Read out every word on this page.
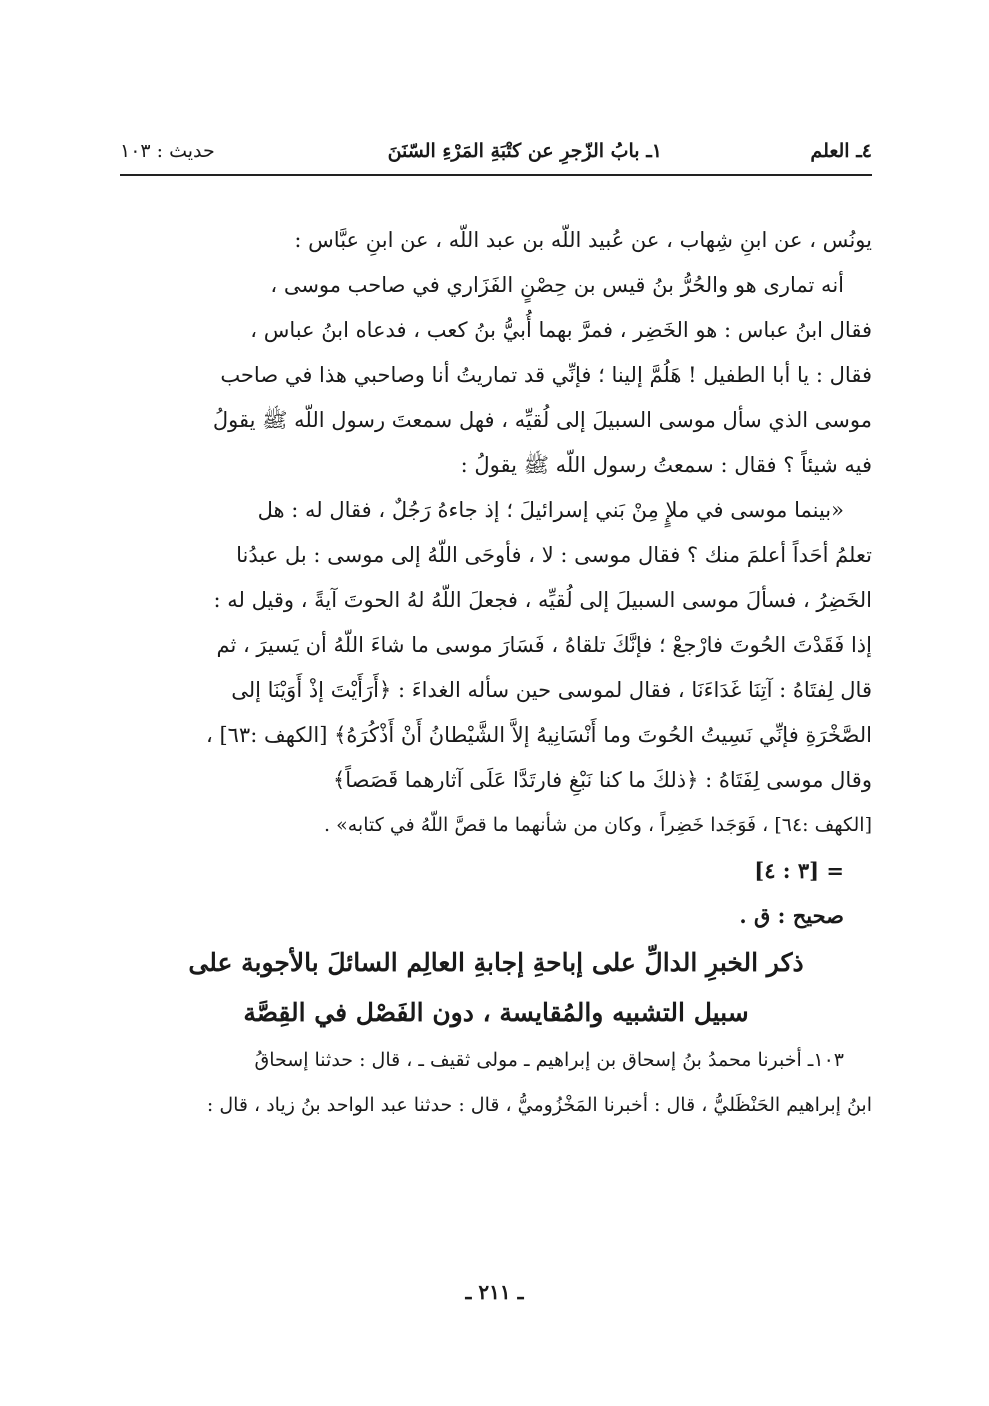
٤ـ العلم
١ـ بابُ الزّجرِ عن كتْبَةِ المَرْءِ السّنَنَ
حديث : ١٠٣
يونُس ، عن ابنِ شِهاب ، عن عُبيد اللّه بن عبد اللّه ، عن ابنِ عبَّاس :
أنه تمارى هو والحُرُّ بنُ قيس بن حِصْنٍ الفَزَاري في صاحب موسى ،
فقال ابنُ عباس : هو الخَضِر ، فمرَّ بهما أُبيُّ بنُ كعب ، فدعاه ابنُ عباس ،
فقال : يا أبا الطفيل ! هَلُمَّ إلينا ؛ فإنِّي قد تماريتُ أنا وصاحبي هذا في صاحب
موسى الذي سأل موسى السبيلَ إلى لُقيِّه ، فهل سمعتَ رسول اللّه ﷺ يقولُ
فيه شيئاً ؟ فقال : سمعتُ رسول اللّه ﷺ يقولُ :
«بينما موسى في ملإٍ مِنْ بَني إسرائيلَ ؛ إذ جاءهُ رَجُلٌ ، فقال له : هل
تعلمُ أحَداً أعلمَ منك ؟ فقال موسى : لا ، فأوحَى اللّهُ إلى موسى : بل عبدُنا
الخَضِرُ ، فسألَ موسى السبيلَ إلى لُقيِّه ، فجعلَ اللّهُ لهُ الحوتَ آيةً ، وقيل له :
إذا فَقَدْتَ الحُوتَ فارْجعْ ؛ فإنَّكَ تلقاهُ ، فَسَارَ موسى ما شاءَ اللّهُ أن يَسيرَ ، ثم
قال لِفتَاهُ : آتِنَا غَدَاءَنَا ، فقال لموسى حين سأله الغداءَ : ﴿أَرَأَيْتَ إذْ أَوَيْنَا إلى
الصَّخْرَةِ فإنِّي نَسِيتُ الحُوتَ وما أَنْسَانِيهُ إلاَّ الشَّيْطانُ أَنْ أَذْكُرَهُ﴾ [الكهف :٦٣] ،
وقال موسى لِفَتَاهُ : ﴿ذلكَ ما كنا نَبْغِ فارتَدَّا عَلَى آثارهما قَصَصاً﴾
[الكهف :٦٤] ، فَوَجَدا خَضِراً ، وكان من شأنهما ما قصَّ اللّهُ في كتابه» .
= [٣ : ٤]
صحيح : ق .
ذكر الخبرِ الدالِّ على إباحةِ إجابةِ العالِم السائلَ بالأجوبة على
سبيل التشبيه والمُقايسة ، دون الفَصْل في القِصَّة
١٠٣ـ أخبرنا محمدُ بنُ إسحاق بن إبراهيم ـ مولى ثقيف ـ ، قال : حدثنا إسحاقُ
ابنُ إبراهيم الحَنْظَليُّ ، قال : أخبرنا المَخْزُوميُّ ، قال : حدثنا عبد الواحد بنُ زياد ، قال :
ـ ٢١١ ـ
